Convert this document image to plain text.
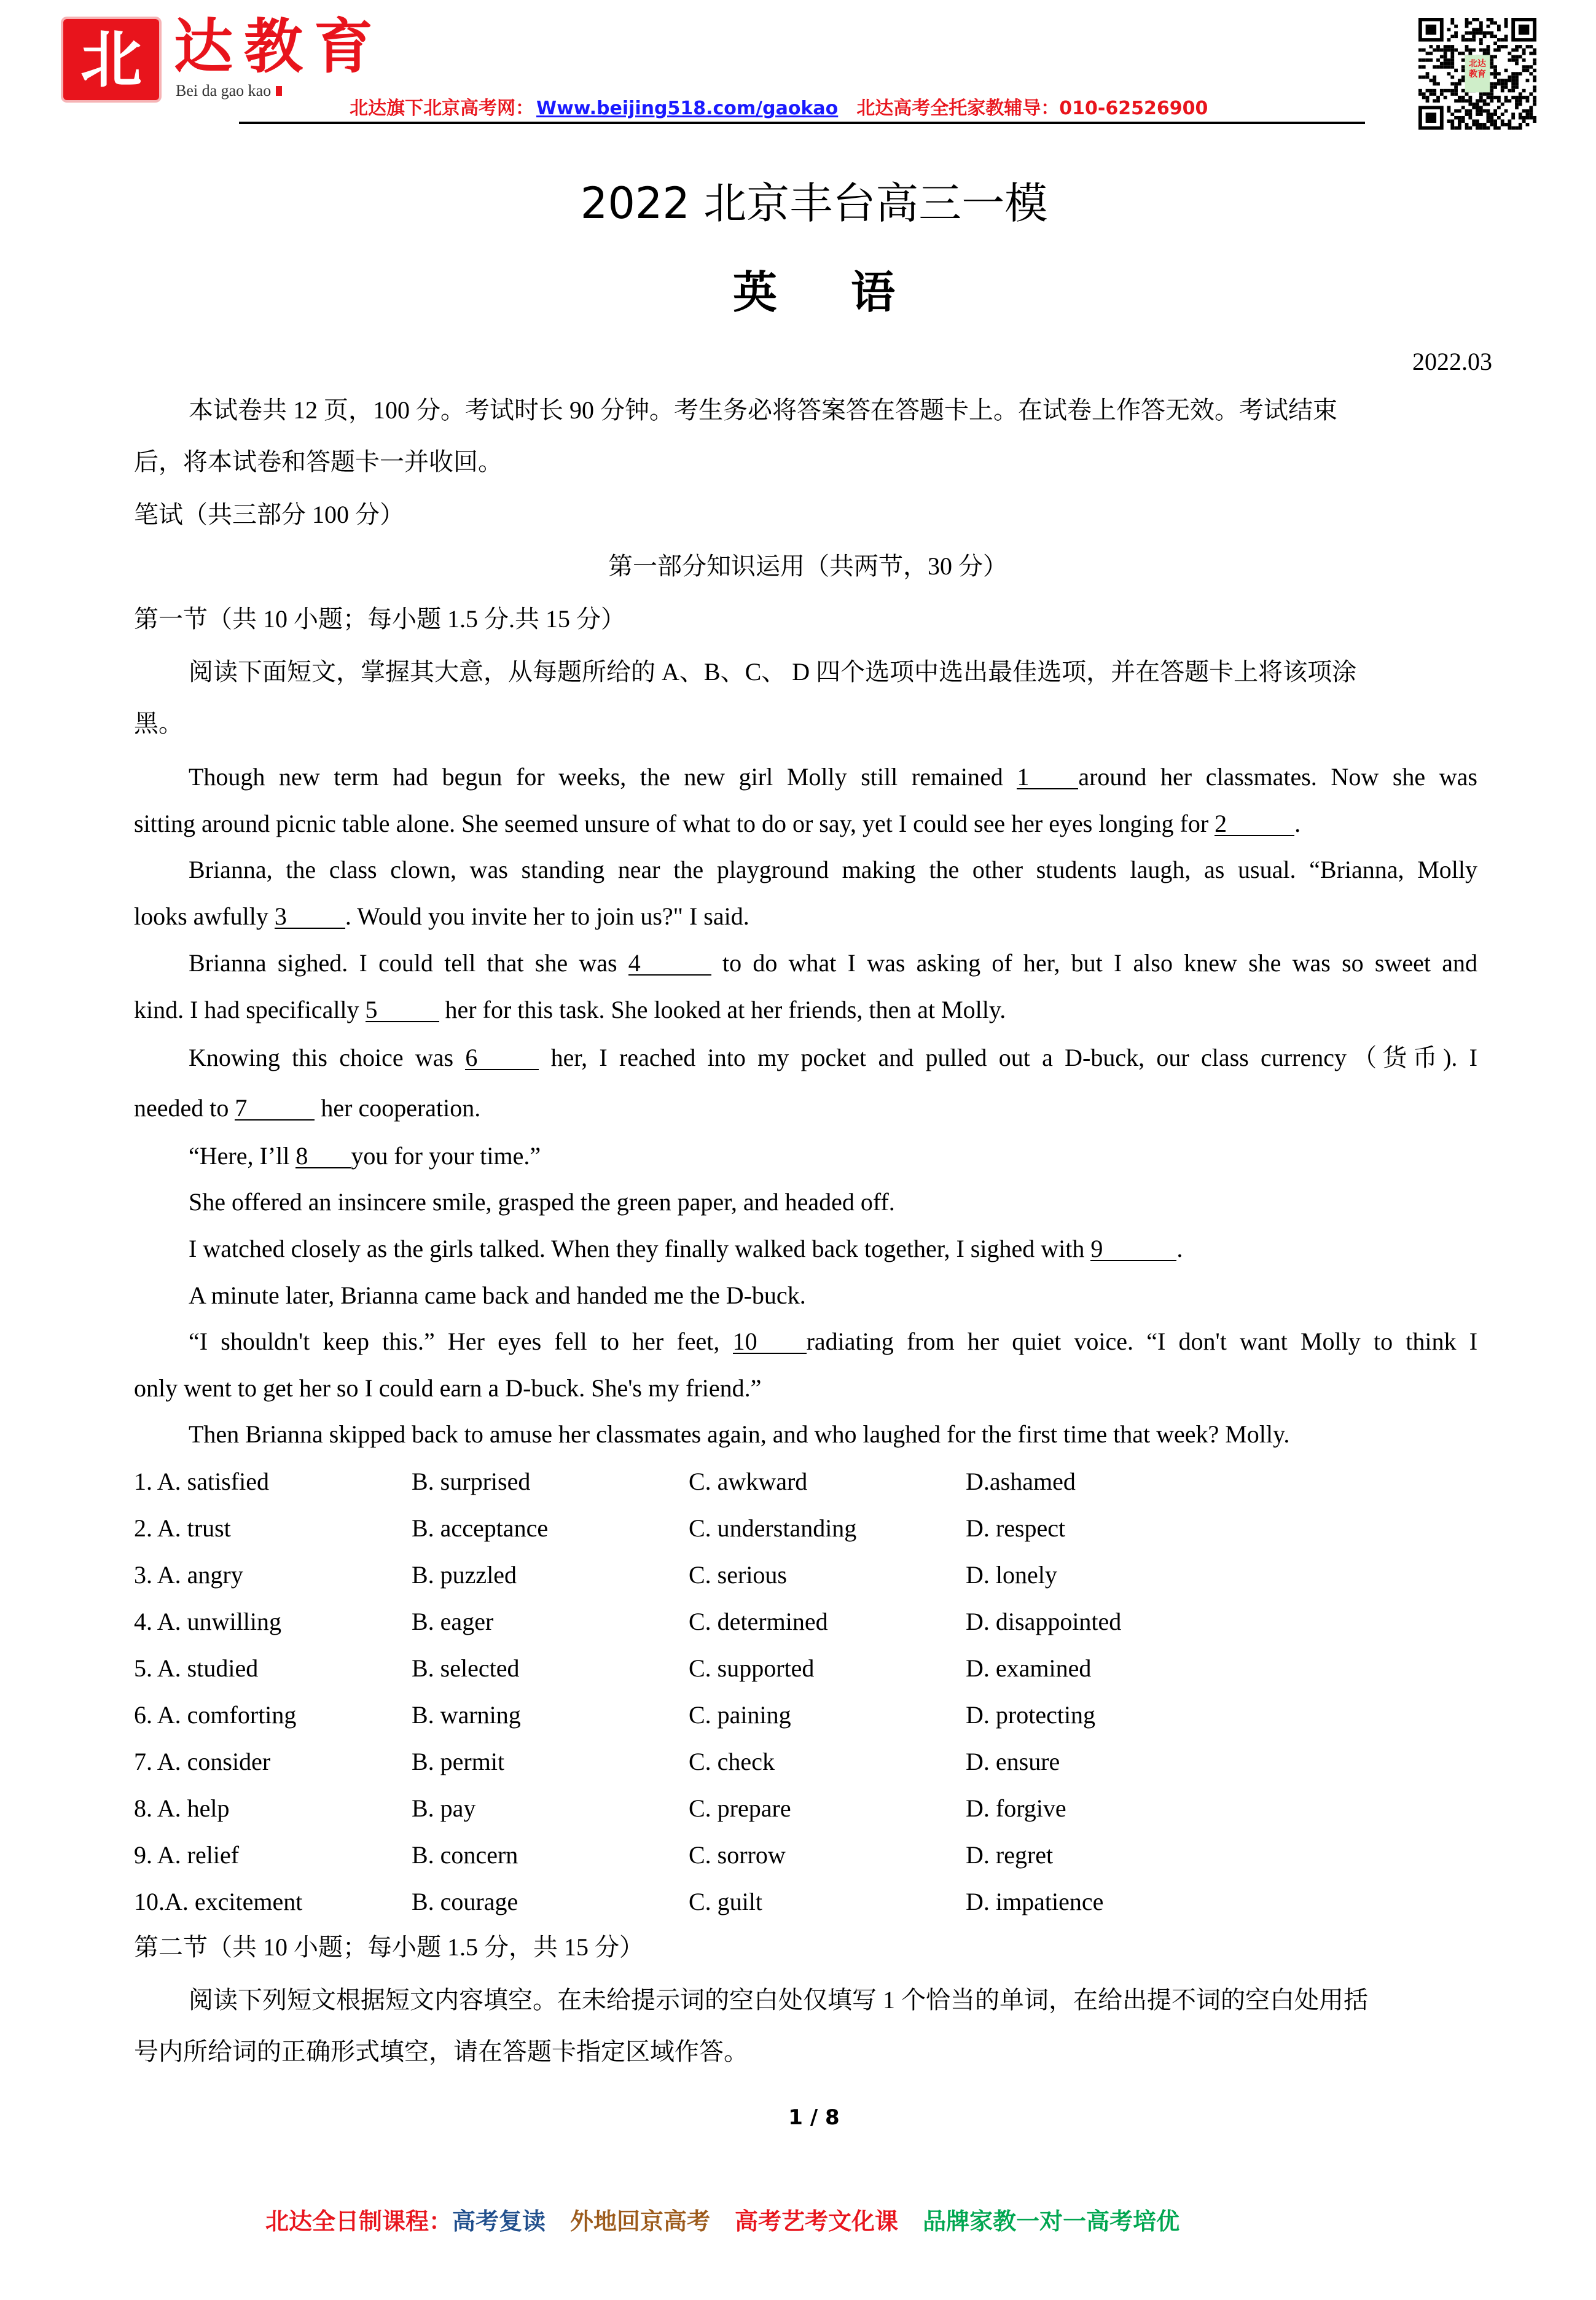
北 达教育
Bei da gao kao
北达旗下北京高考网： Www.beijing518.com/gaokao 北达高考全托家教辅导：010-62526900
北达教育
2022 北京丰台高三一模
英 语
2022.03
本试卷共 12 页，100 分。考试时长 90 分钟。考生务必将答案答在答题卡上。在试卷上作答无效。考试结束
后，将本试卷和答题卡一并收回。
笔试（共三部分 100 分）
第一部分知识运用（共两节，30 分）
第一节（共 10 小题；每小题 1.5 分.共 15 分）
阅读下面短文，掌握其大意，从每题所给的 A、B、C、 D 四个选项中选出最佳选项，并在答题卡上将该项涂
黑。
Though new term had begun for weeks, the new girl Molly still remained 1 around her classmates. Now she was
sitting around picnic table alone. She seemed unsure of what to do or say, yet I could see her eyes longing for 2	.
Brianna, the class clown, was standing near the playground making the other students laugh, as usual. “Brianna, Molly
looks awfully 3 . Would you invite her to join us?" I said.
Brianna sighed. I could tell that she was 4	to do what I was asking of her, but I also knew she was so sweet and
kind. I had specifically 5	her for this task. She looked at her friends, then at Molly.
Knowing this choice was 6	her, I reached into my pocket and pulled out a D-buck, our class currency（货币). I
needed to 7	her cooperation.
“Here, I’ll 8 you for your time.”
She offered an insincere smile, grasped the green paper, and headed off.
I watched closely as the girls talked. When they finally walked back together, I sighed with 9	.
A minute later, Brianna came back and handed me the D-buck.
“I shouldn't keep this.” Her eyes fell to her feet, 10 radiating from her quiet voice. “I don't want Molly to think I
only went to get her so I could earn a D-buck. She's my friend.”
Then Brianna skipped back to amuse her classmates again, and who laughed for the first time that week? Molly.
1. A. satisfied	B. surprised	C. awkward	D.ashamed
2. A. trust	B. acceptance	C. understanding	D. respect
3. A. angry	B. puzzled	C. serious	D. lonely
4. A. unwilling	B. eager	C. determined	D. disappointed
5. A. studied	B. selected	C. supported	D. examined
6. A. comforting	B. warning	C. paining	D. protecting
7. A. consider	B. permit	C. check	D. ensure
8. A. help	B. pay	C. prepare	D. forgive
9. A. relief	B. concern	C. sorrow	D. regret
10.A. excitement	B. courage	C. guilt	D. impatience
第二节（共 10 小题；每小题 1.5 分，共 15 分）
阅读下列短文根据短文内容填空。在未给提示词的空白处仅填写 1 个恰当的单词，在给出提不词的空白处用括
号内所给词的正确形式填空，请在答题卡指定区域作答。
1 / 8
北达全日制课程：高考复读 外地回京高考 高考艺考文化课 品牌家教一对一高考培优
